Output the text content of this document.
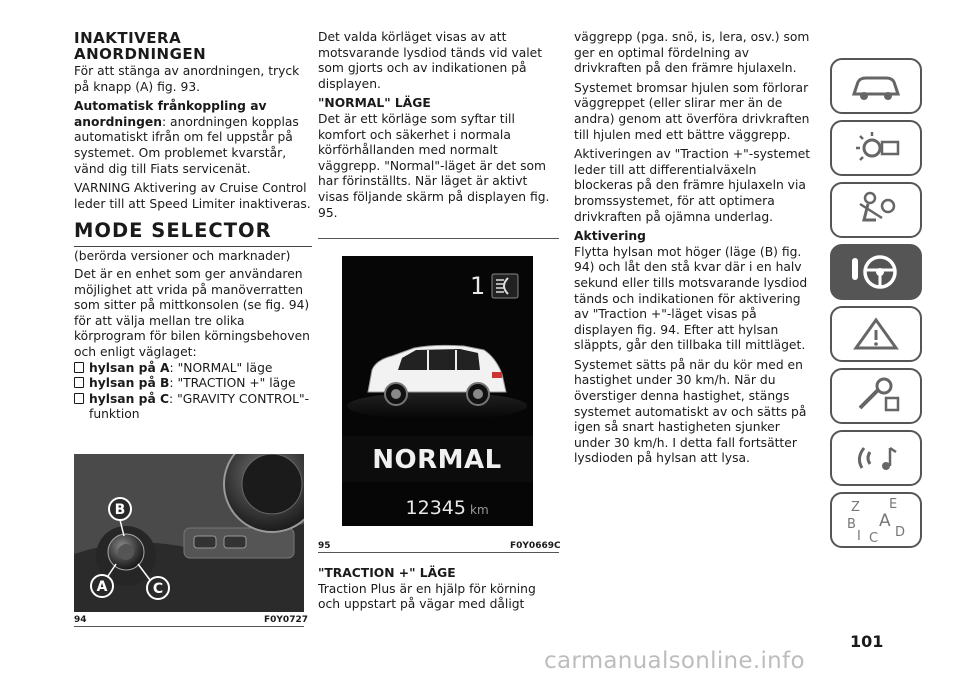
INAKTIVERA
ANORDNINGEN

För att stänga av anordningen, tryck på knapp (A) fig. 93.

Automatisk frånkoppling av anordningen: anordningen kopplas automatiskt ifrån om fel uppstår på systemet. Om problemet kvarstår, vänd dig till Fiats servicenät.

VARNING Aktivering av Cruise Control leder till att Speed Limiter inaktiveras.

MODE SELECTOR

(berörda versioner och marknader)

Det är en enhet som ger användaren möjlighet att vrida på manöverratten som sitter på mittkonsolen (se fig. 94) för att välja mellan tre olika körprogram för bilen körningsbehoven och enligt väglaget:

hylsan på A: "NORMAL" läge
hylsan på B: "TRACTION +" läge
hylsan på C: "GRAVITY CONTROL"-funktion
B
A	C
94	F0Y0727

Det valda körläget visas av att motsvarande lysdiod tänds vid valet som gjorts och av indikationen på displayen.

"NORMAL" LÄGE

Det är ett körläge som syftar till komfort och säkerhet i normala körförhållanden med normalt väggrepp. "Normal"-läget är det som har förinställts. När läget är aktivt visas följande skärm på displayen fig. 95.

1
NORMAL
12345 km
95	F0Y0669C

"TRACTION +" LÄGE

Traction Plus är en hjälp för körning och uppstart på vägar med dåligt

väggrepp (pga. snö, is, lera, osv.) som ger en optimal fördelning av drivkraften på den främre hjulaxeln.

Systemet bromsar hjulen som förlorar väggreppet (eller slirar mer än de andra) genom att överföra drivkraften till hjulen med ett bättre väggrepp.

Aktiveringen av "Traction +"-systemet leder till att differentialväxeln blockeras på den främre hjulaxeln via bromssystemet, för att optimera drivkraften på ojämna underlag.

Aktivering

Flytta hylsan mot höger (läge (B) fig. 94) och låt den stå kvar där i en halv sekund eller tills motsvarande lysdiod tänds och indikationen för aktivering av "Traction +"-läget visas på displayen fig. 94. Efter att hylsan släppts, går den tillbaka till mittläget.

Systemet sätts på när du kör med en hastighet under 30 km/h. När du överstiger denna hastighet, stängs systemet automatiskt av och sätts på igen så snart hastigheten sjunker under 30 km/h. I detta fall fortsätter lysdioden på hylsan att lysa.

Z E
B A
I C D
101
carmanualsonline.info
